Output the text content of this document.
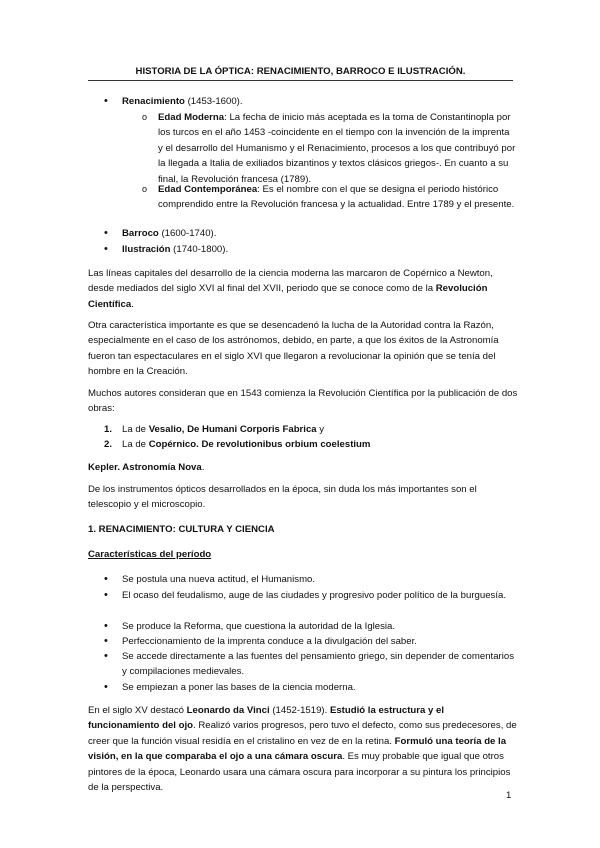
HISTORIA DE LA ÓPTICA: RENACIMIENTO, BARROCO E ILUSTRACIÓN.
• Renacimiento (1453-1600).

o Edad Moderna: La fecha de inicio más aceptada es la toma de Constantinopla por los turcos en el año 1453 -coincidente en el tiempo con la invención de la imprenta y el desarrollo del Humanismo y el Renacimiento, procesos a los que contribuyó por la llegada a Italia de exiliados bizantinos y textos clásicos griegos-. En cuanto a su final, la Revolución francesa (1789).

o Edad Contemporánea: Es el nombre con el que se designa el periodo histórico comprendido entre la Revolución francesa y la actualidad. Entre 1789 y el presente.

• Barroco (1600-1740).

• Ilustración (1740-1800).

Las líneas capitales del desarrollo de la ciencia moderna las marcaron de Copérnico a Newton, desde mediados del siglo XVI al final del XVII, periodo que se conoce como de la Revolución Científica.

Otra característica importante es que se desencadenó la lucha de la Autoridad contra la Razón, especialmente en el caso de los astrónomos, debido, en parte, a que los éxitos de la Astronomía fueron tan espectaculares en el siglo XVI que llegaron a revolucionar la opinión que se tenía del hombre en la Creación.

Muchos autores consideran que en 1543 comienza la Revolución Científica por la publicación de dos obras:

1.	La de Vesalio, De Humani Corporis Fabrica y

2.	La de Copérnico. De revolutionibus orbium coelestium

Kepler. Astronomía Nova.

De los instrumentos ópticos desarrollados en la época, sin duda los más importantes son el telescopio y el microscopio.

1. RENACIMIENTO: CULTURA Y CIENCIA

Características del período

• Se postula una nueva actitud, el Humanismo.

• El ocaso del feudalismo, auge de las ciudades y progresivo poder político de la burguesía.

• Se produce la Reforma, que cuestiona la autoridad de la Iglesia.

• Perfeccionamiento de la imprenta conduce a la divulgación del saber.

• Se accede directamente a las fuentes del pensamiento griego, sin depender de comentarios y compilaciones medievales.

• Se empiezan a poner las bases de la ciencia moderna.

En el siglo XV destacó Leonardo da Vinci (1452-1519). Estudió la estructura y el funcionamiento del ojo. Realizó varios progresos, pero tuvo el defecto, como sus predecesores, de creer que la función visual residía en el cristalino en vez de en la retina. Formuló una teoría de la visión, en la que comparaba el ojo a una cámara oscura. Es muy probable que igual que otros pintores de la época, Leonardo usara una cámara oscura para incorporar a su pintura los principios de la perspectiva.

1
